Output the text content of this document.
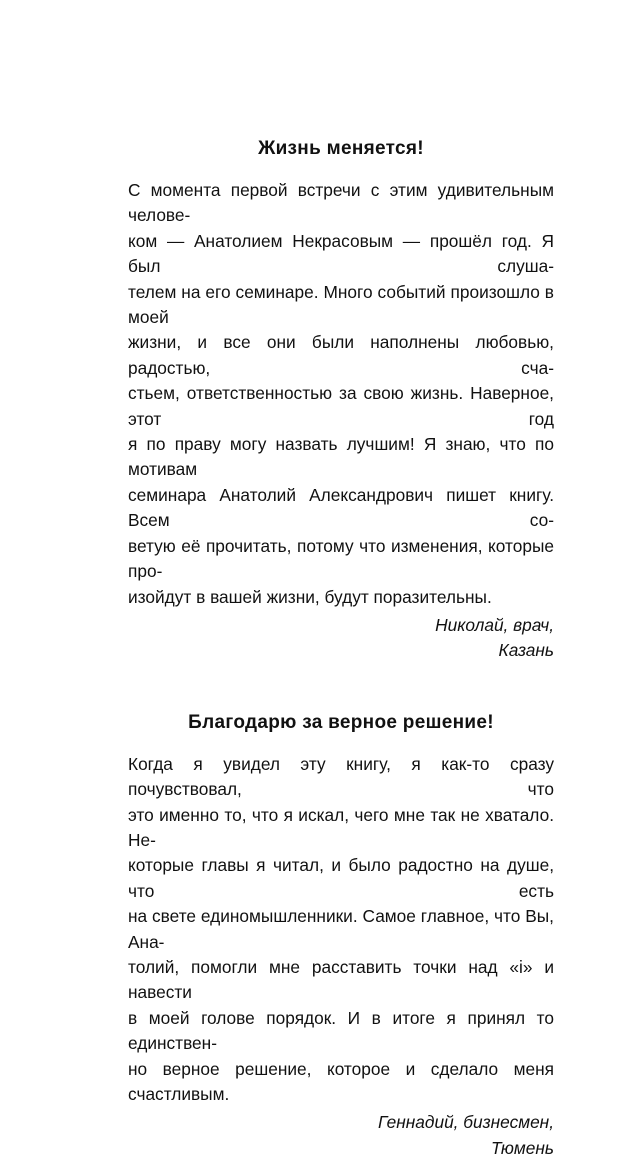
Жизнь меняется!
С момента первой встречи с этим удивительным челове-
ком — Анатолием Некрасовым — прошёл год. Я был слуша-
телем на его семинаре. Много событий произошло в моей
жизни, и все они были наполнены любовью, радостью, сча-
стьем, ответственностью за свою жизнь. Наверное, этот год
я по праву могу назвать лучшим! Я знаю, что по мотивам
семинара Анатолий Александрович пишет книгу. Всем со-
ветую её прочитать, потому что изменения, которые про-
изойдут в вашей жизни, будут поразительны.
Николай, врач,
Казань
Благодарю за верное решение!
Когда я увидел эту книгу, я как-то сразу почувствовал, что
это именно то, что я искал, чего мне так не хватало. Не-
которые главы я читал, и было радостно на душе, что есть
на свете единомышленники. Самое главное, что Вы, Ана-
толий, помогли мне расставить точки над «i» и навести
в моей голове порядок. И в итоге я принял то единствен-
но верное решение, которое и сделало меня счастливым.
Геннадий, бизнесмен,
Тюмень
